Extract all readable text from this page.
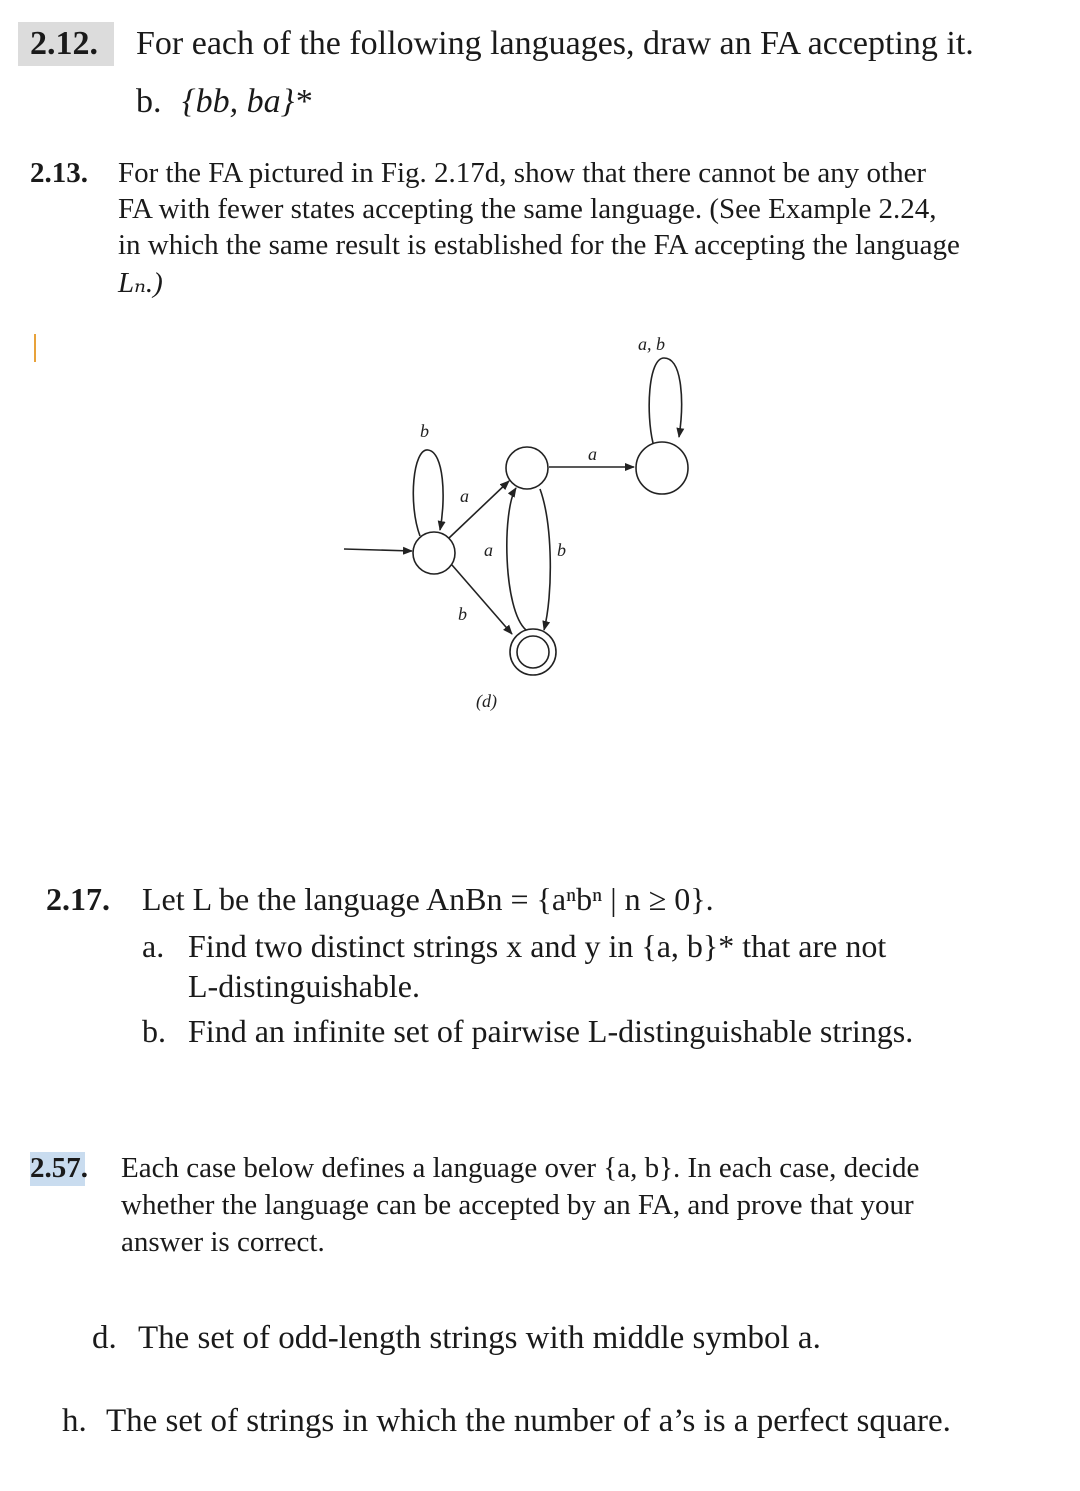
2.12. For each of the following languages, draw an FA accepting it.
b. {bb, ba}*
2.13. For the FA pictured in Fig. 2.17d, show that there cannot be any other
FA with fewer states accepting the same language. (See Example 2.24,
in which the same result is established for the FA accepting the language
Lₙ.)
b
a, b
a
b
a	b
a
(d)
2.17. Let L be the language AnBn = {aⁿbⁿ | n ≥ 0}.
a. Find two distinct strings x and y in {a, b}* that are not
L-distinguishable.
b. Find an infinite set of pairwise L-distinguishable strings.
2.57. Each case below defines a language over {a, b}. In each case, decide
whether the language can be accepted by an FA, and prove that your
answer is correct.
d. The set of odd-length strings with middle symbol a.
h. The set of strings in which the number of a’s is a perfect square.
